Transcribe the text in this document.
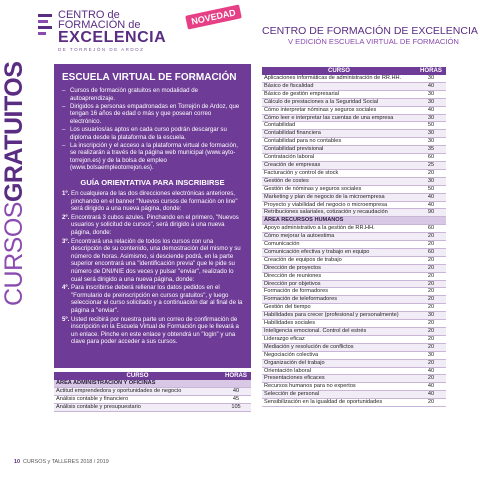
CURSOSGRATUITOS
CENTRO de
FORMACIÓN de
EXCELENCIA
DE TORREJÓN DE ARDOZ
NOVEDAD
CENTRO DE FORMACIÓN DE EXCELENCIA
V EDICIÓN ESCUELA VIRTUAL DE FORMACIÓN
ESCUELA VIRTUAL DE FORMACIÓN
– Cursos de formación gratuitos en modalidad de autoaprendizaje.
– Dirigidos a personas empadronadas en Torrejón de Ardoz, que tengan 16 años de edad o más y que posean correo electrónico.
– Los usuarios/as aptos en cada curso podrán descargar su diploma desde la plataforma de la escuela.
– La inscripción y el acceso a la plataforma virtual de formación, se realizarán a través de la página web municipal (www.ayto-torrejon.es) y de la bolsa de empleo (www.bolsaempleotorrejon.es).
GUÍA ORIENTATIVA PARA INSCRIBIRSE
1º. En cualquiera de las dos direcciones electrónicas anteriores, pinchando en el banner "Nuevos cursos de formación on line" será dirigido a una nueva página, donde:
2º. Encontrará 3 cubos azules. Pinchando en el primero, "Nuevos usuarios y solicitud de cursos", será dirigido a una nueva página, donde:
3º. Encontrará una relación de todos los cursos con una descripción de su contenido, una demostración del mismo y su número de horas. Asimismo, si desciende podrá, en la parte superior encontrará una "identificación previa" que le pide su número de DNI/NIE dos veces y pulsar "enviar", realizado lo cual será dirigido a una nueva página, donde:
4º. Para inscribirse deberá rellenar los datos pedidos en el "Formulario de preinscripción en cursos gratuitos", y luego seleccionar el curso solicitado y a continuación dar al final de la página a "enviar".
5º. Usted recibirá por nuestra parte un correo de confirmación de inscripción en la Escuela Virtual de Formación que le llevará a un enlace. Pinche en este enlace y obtendrá un "login" y una clave para poder acceder a sus cursos.
CURSO	HORAS
ÁREA ADMINISTRACIÓN Y OFICINAS	
Actitud emprendedora y oportunidades de negocio	40
Análisis contable y financiero	45
Análisis contable y presupuestario	105
CURSO	HORAS
Aplicaciones informáticas de administración de RR.HH.	30
Básico de fiscalidad	40
Básico de gestión empresarial	30
Cálculo de prestaciones a la Seguridad Social	30
Cómo interpretar nóminas y seguros sociales	40
Cómo leer e interpretar las cuentas de una empresa	30
Contabilidad	50
Contabilidad financiera	30
Contabilidad para no contables	30
Contabilidad previsional	35
Contratación laboral	60
Creación de empresas	25
Facturación y control de stock	20
Gestión de costes	30
Gestión de nóminas y seguros sociales	50
Marketing y plan de negocio de la microempresa	40
Proyecto y viabilidad del negocio o microempresa	40
Retribuciones salariales, cotización y recaudación	90
ÁREA RECURSOS HUMANOS	
Apoyo administrativo a la gestión de RR.HH.	60
Cómo mejorar la autoestima	20
Comunicación	20
Comunicación efectiva y trabajo en equipo	60
Creación de equipos de trabajo	20
Dirección de proyectos	20
Dirección de reuniones	20
Dirección por objetivos	20
Formación de formadores	20
Formación de teleformadores	20
Gestión del tiempo	20
Habilidades para crecer (profesional y personalmente)	30
Habilidades sociales	20
Inteligencia emocional. Control del estrés	20
Liderazgo eficaz	20
Mediación y resolución de conflictos	20
Negociación colectiva	30
Organización del trabajo	20
Orientación laboral	40
Presentaciones eficaces	20
Recursos humanos para no expertos	40
Selección de personal	40
Sensibilización en la igualdad de oportunidades	20
10 CURSOS y TALLERES 2018 / 2019
